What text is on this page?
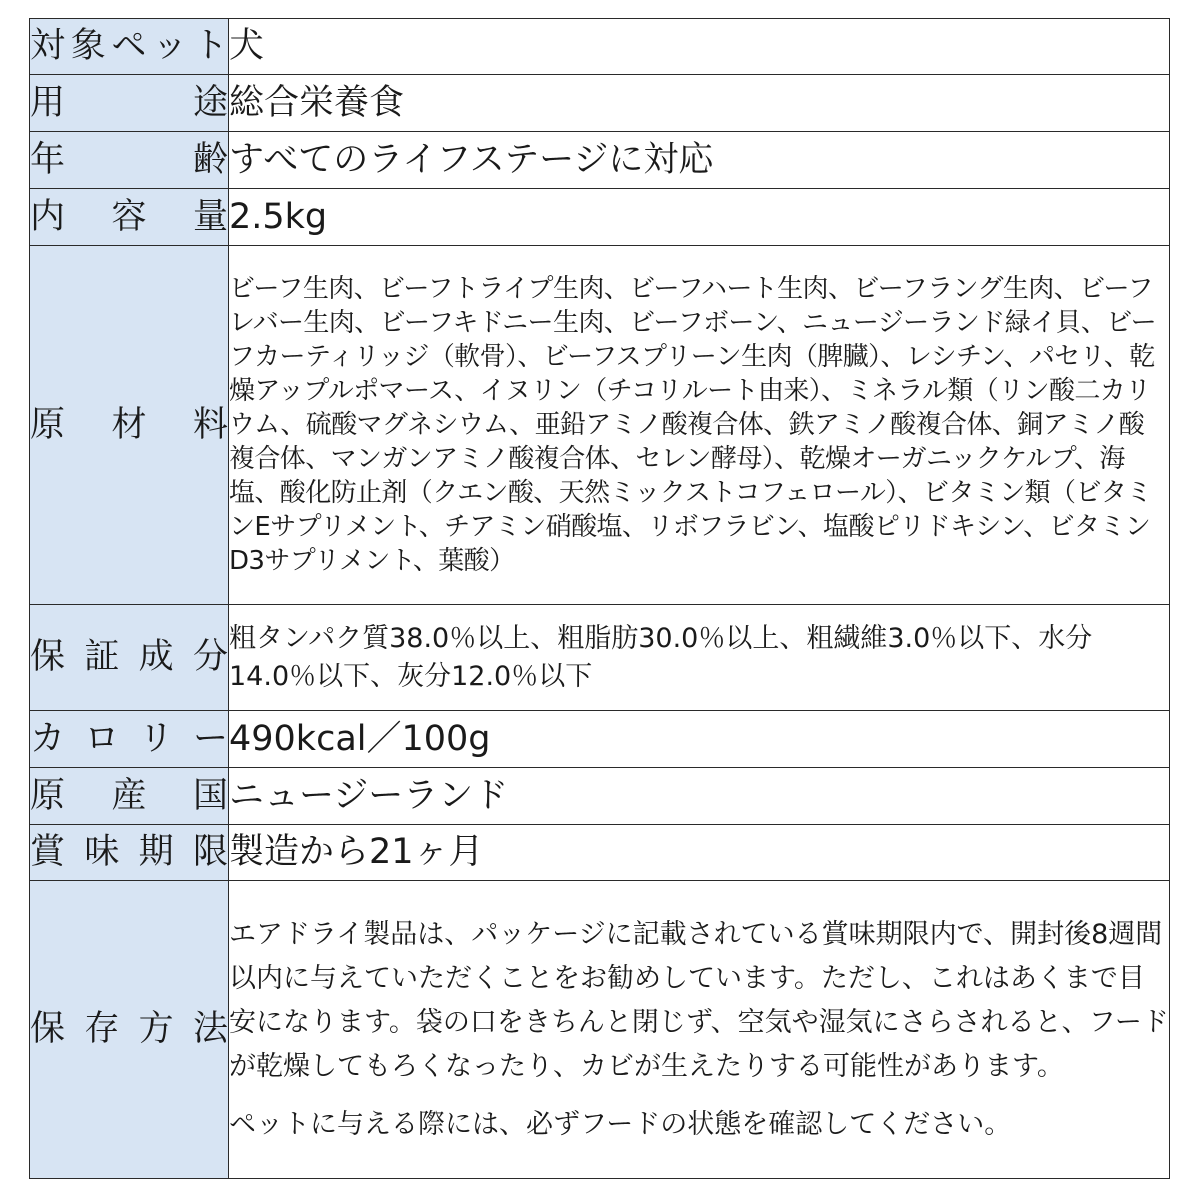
対象ペット	犬
用途	総合栄養食
年齢	すべてのライフステージに対応
内容量	2.5kg
原材料	ビーフ生肉、ビーフトライプ生肉、ビーフハート生肉、ビーフラング生肉、ビーフレバー生肉、ビーフキドニー生肉、ビーフボーン、ニュージーランド緑イ貝、ビーフカーティリッジ（軟骨）、ビーフスプリーン生肉（脾臓）、レシチン、パセリ、乾燥アップルポマース、イヌリン（チコリルート由来）、ミネラル類（リン酸二カリウム、硫酸マグネシウム、亜鉛アミノ酸複合体、鉄アミノ酸複合体、銅アミノ酸複合体、マンガンアミノ酸複合体、セレン酵母）、乾燥オーガニックケルプ、海塩、酸化防止剤（クエン酸、天然ミックストコフェロール）、ビタミン類（ビタミンEサプリメント、チアミン硝酸塩、リボフラビン、塩酸ピリドキシン、ビタミンD3サプリメント、葉酸）
保証成分	粗タンパク質38.0％以上、粗脂肪30.0％以上、粗繊維3.0％以下、水分14.0％以下、灰分12.0％以下
カロリー	490kcal／100g
原産国	ニュージーランド
賞味期限	製造から21ヶ月
保存方法	エアドライ製品は、パッケージに記載されている賞味期限内で、開封後8週間以内に与えていただくことをお勧めしています。ただし、これはあくまで目安になります。袋の口をきちんと閉じず、空気や湿気にさらされると、フードが乾燥してもろくなったり、カビが生えたりする可能性があります。
ペットに与える際には、必ずフードの状態を確認してください。
